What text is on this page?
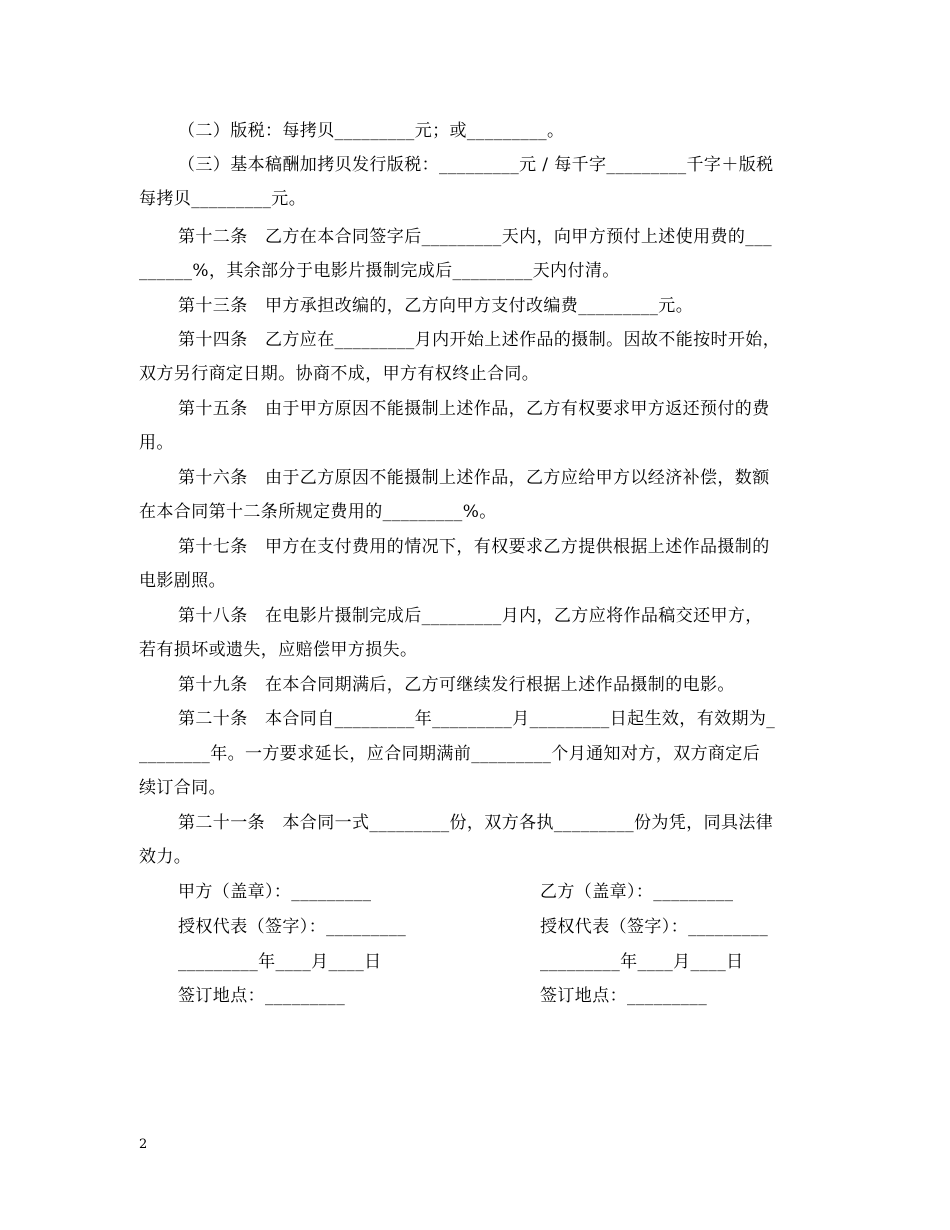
（二）版税：每拷贝_________元；或_________。
（三）基本稿酬加拷贝发行版税：_________元 / 每千字_________千字＋版税
每拷贝_________元。
第十二条　乙方在本合同签字后_________天内，向甲方预付上述使用费的___
______%，其余部分于电影片摄制完成后_________天内付清。
第十三条　甲方承担改编的，乙方向甲方支付改编费_________元。
第十四条　乙方应在_________月内开始上述作品的摄制。因故不能按时开始，
双方另行商定日期。协商不成，甲方有权终止合同。
第十五条　由于甲方原因不能摄制上述作品，乙方有权要求甲方返还预付的费
用。
第十六条　由于乙方原因不能摄制上述作品，乙方应给甲方以经济补偿，数额
在本合同第十二条所规定费用的_________%。
第十七条　甲方在支付费用的情况下，有权要求乙方提供根据上述作品摄制的
电影剧照。
第十八条　在电影片摄制完成后_________月内，乙方应将作品稿交还甲方，
若有损坏或遗失，应赔偿甲方损失。
第十九条　在本合同期满后，乙方可继续发行根据上述作品摄制的电影。
第二十条　本合同自_________年_________月_________日起生效，有效期为_
________年。一方要求延长，应合同期满前_________个月通知对方，双方商定后
续订合同。
第二十一条　本合同一式_________份，双方各执_________份为凭，同具法律
效力。
甲方（盖章）：_________	乙方（盖章）：_________
授权代表（签字）：_________	授权代表（签字）：_________
_________年____月____日	_________年____月____日
签订地点：_________	签订地点：_________
2
